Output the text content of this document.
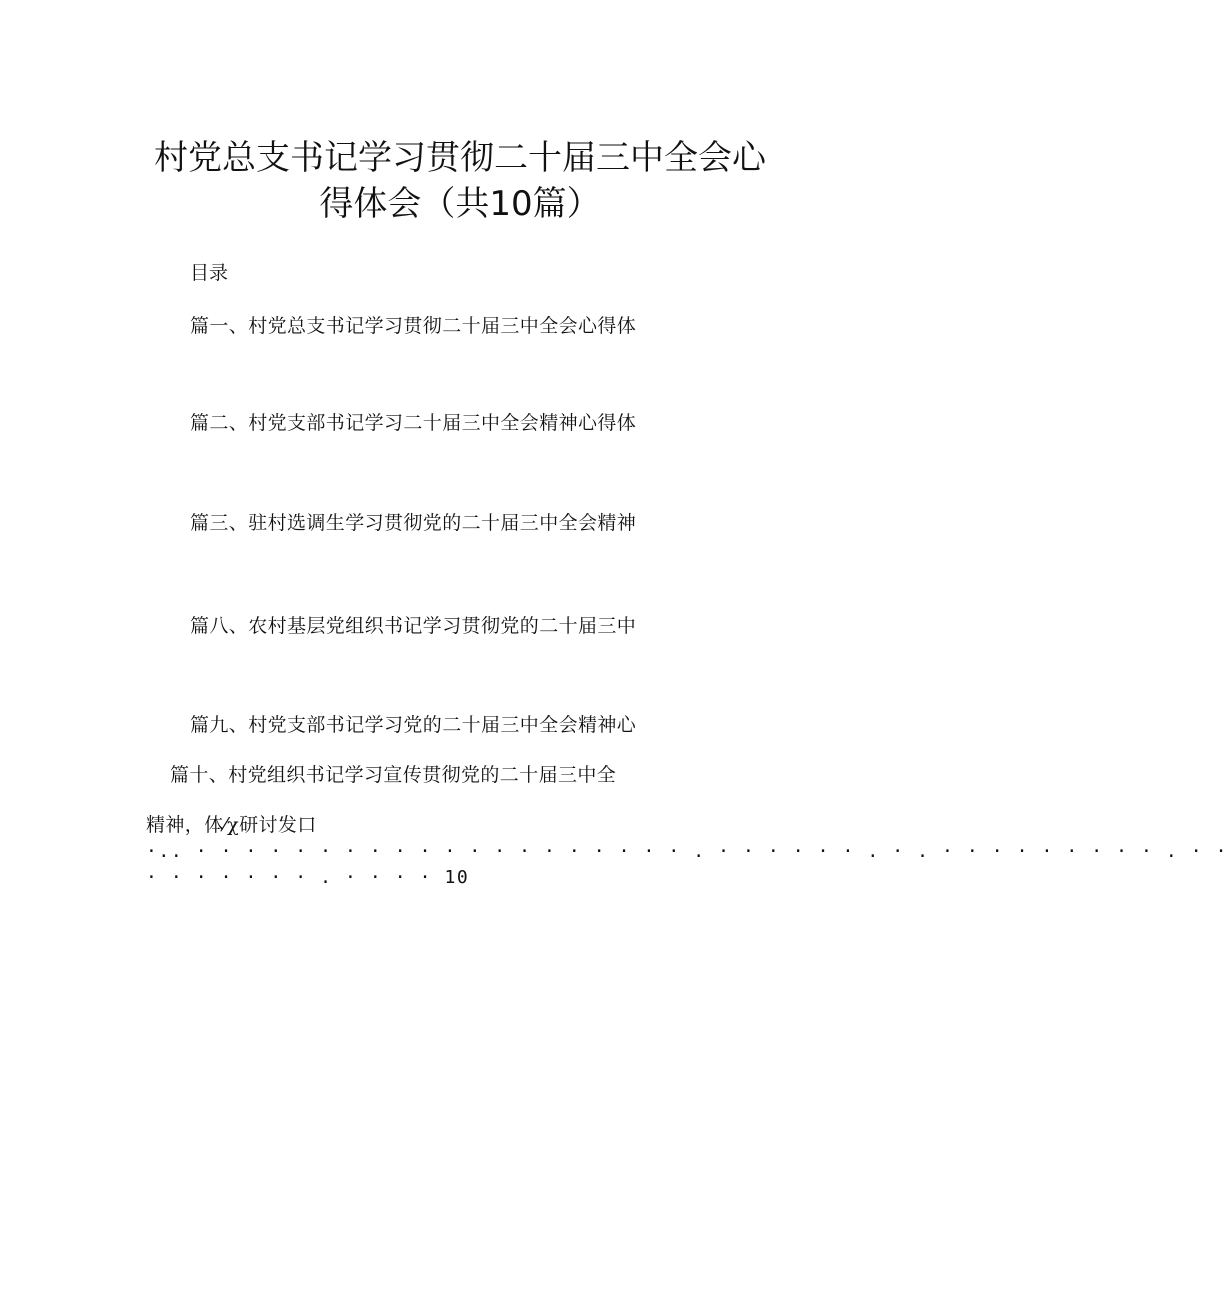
村党总支书记学习贯彻二十届三中全会心
得体会（共10篇）
目录
篇一、村党总支书记学习贯彻二十届三中全会心得体
篇二、村党支部书记学习二十届三中全会精神心得体
篇三、驻村选调生学习贯彻党的二十届三中全会精神
篇八、农村基层党组织书记学习贯彻党的二十届三中
篇九、村党支部书记学习党的二十届三中全会精神心
篇十、村党组织书记学习宣传贯彻党的二十届三中全
精神，体⁄χ研讨发口
·.. · · · · · · · · · · · · · · · · · · · · . · · · · · · . · . · · · · · · · · · . · ·
· · · · · · · . · · · · 10
